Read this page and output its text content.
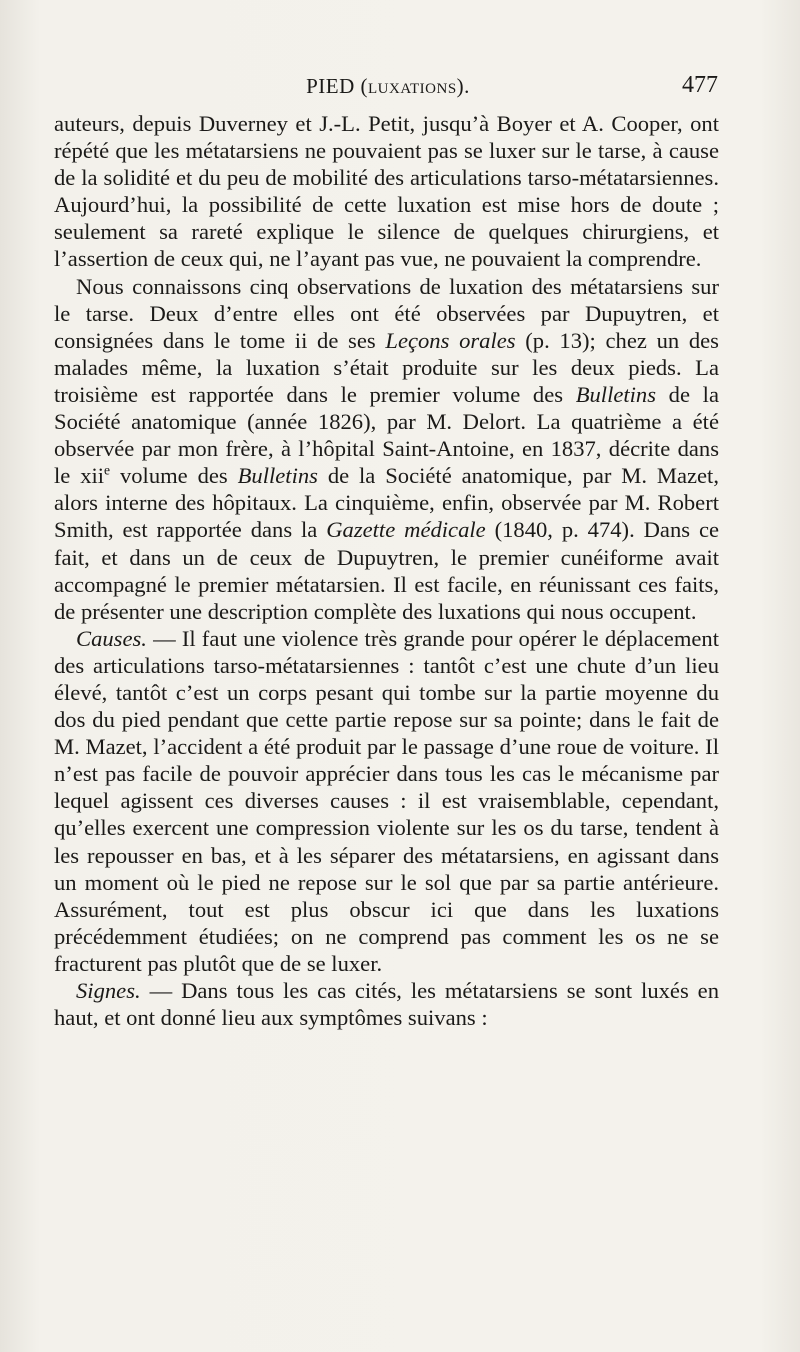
PIED (luxations).	477

auteurs, depuis Duverney et J.-L. Petit, jusqu’à Boyer et A. Cooper, ont répété que les métatarsiens ne pouvaient pas se luxer sur le tarse, à cause de la solidité et du peu de mobilité des articulations tarso-métatarsiennes. Aujourd’hui, la possibilité de cette luxation est mise hors de doute ; seulement sa rareté explique le silence de quelques chirurgiens, et l’assertion de ceux qui, ne l’ayant pas vue, ne pouvaient la comprendre.

Nous connaissons cinq observations de luxation des métatarsiens sur le tarse. Deux d’entre elles ont été observées par Dupuytren, et consignées dans le tome ii de ses Leçons orales (p. 13); chez un des malades même, la luxation s’était produite sur les deux pieds. La troisième est rapportée dans le premier volume des Bulletins de la Société anatomique (année 1826), par M. Delort. La quatrième a été observée par mon frère, à l’hôpital Saint-Antoine, en 1837, décrite dans le xii$^e$ volume des Bulletins de la Société anatomique, par M. Mazet, alors interne des hôpitaux. La cinquième, enfin, observée par M. Robert Smith, est rapportée dans la Gazette médicale (1840, p. 474). Dans ce fait, et dans un de ceux de Dupuytren, le premier cunéiforme avait accompagné le premier métatarsien. Il est facile, en réunissant ces faits, de présenter une description complète des luxations qui nous occupent.

Causes. — Il faut une violence très grande pour opérer le déplacement des articulations tarso-métatarsiennes : tantôt c’est une chute d’un lieu élevé, tantôt c’est un corps pesant qui tombe sur la partie moyenne du dos du pied pendant que cette partie repose sur sa pointe; dans le fait de M. Mazet, l’accident a été produit par le passage d’une roue de voiture. Il n’est pas facile de pouvoir apprécier dans tous les cas le mécanisme par lequel agissent ces diverses causes : il est vraisemblable, cependant, qu’elles exercent une compression violente sur les os du tarse, tendent à les repousser en bas, et à les séparer des métatarsiens, en agissant dans un moment où le pied ne repose sur le sol que par sa partie antérieure. Assurément, tout est plus obscur ici que dans les luxations précédemment étudiées; on ne comprend pas comment les os ne se fracturent pas plutôt que de se luxer.

Signes. — Dans tous les cas cités, les métatarsiens se sont luxés en haut, et ont donné lieu aux symptômes suivans :
